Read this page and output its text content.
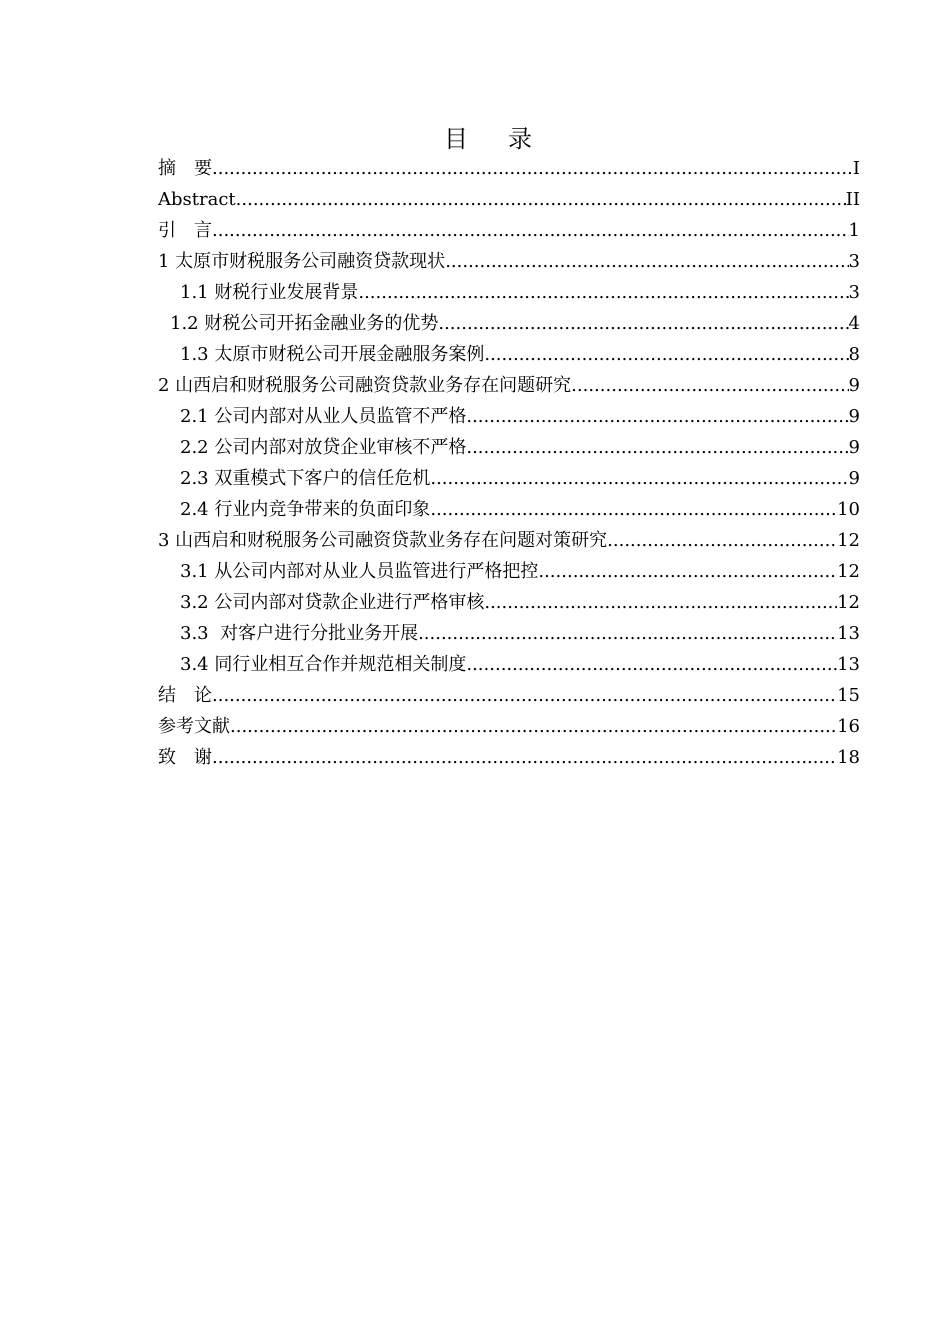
目 录
摘　要 .....	I
Abstract .....	II
引　言 .....	1
1 太原市财税服务公司融资贷款现状 .....	3
1.1 财税行业发展背景 .....	3
1.2 财税公司开拓金融业务的优势 .....	4
1.3 太原市财税公司开展金融服务案例 .....	8
2 山西启和财税服务公司融资贷款业务存在问题研究 .....	9
2.1 公司内部对从业人员监管不严格 .....	9
2.2 公司内部对放贷企业审核不严格 .....	9
2.3 双重模式下客户的信任危机 .....	9
2.4 行业内竞争带来的负面印象 .....	10
3 山西启和财税服务公司融资贷款业务存在问题对策研究 .....	12
3.1 从公司内部对从业人员监管进行严格把控 .....	12
3.2 公司内部对贷款企业进行严格审核 .....	12
3.3  对客户进行分批业务开展 .....	13
3.4 同行业相互合作并规范相关制度 .....	13
结　论 .....	15
参考文献 .....	16
致　谢 .....	18
